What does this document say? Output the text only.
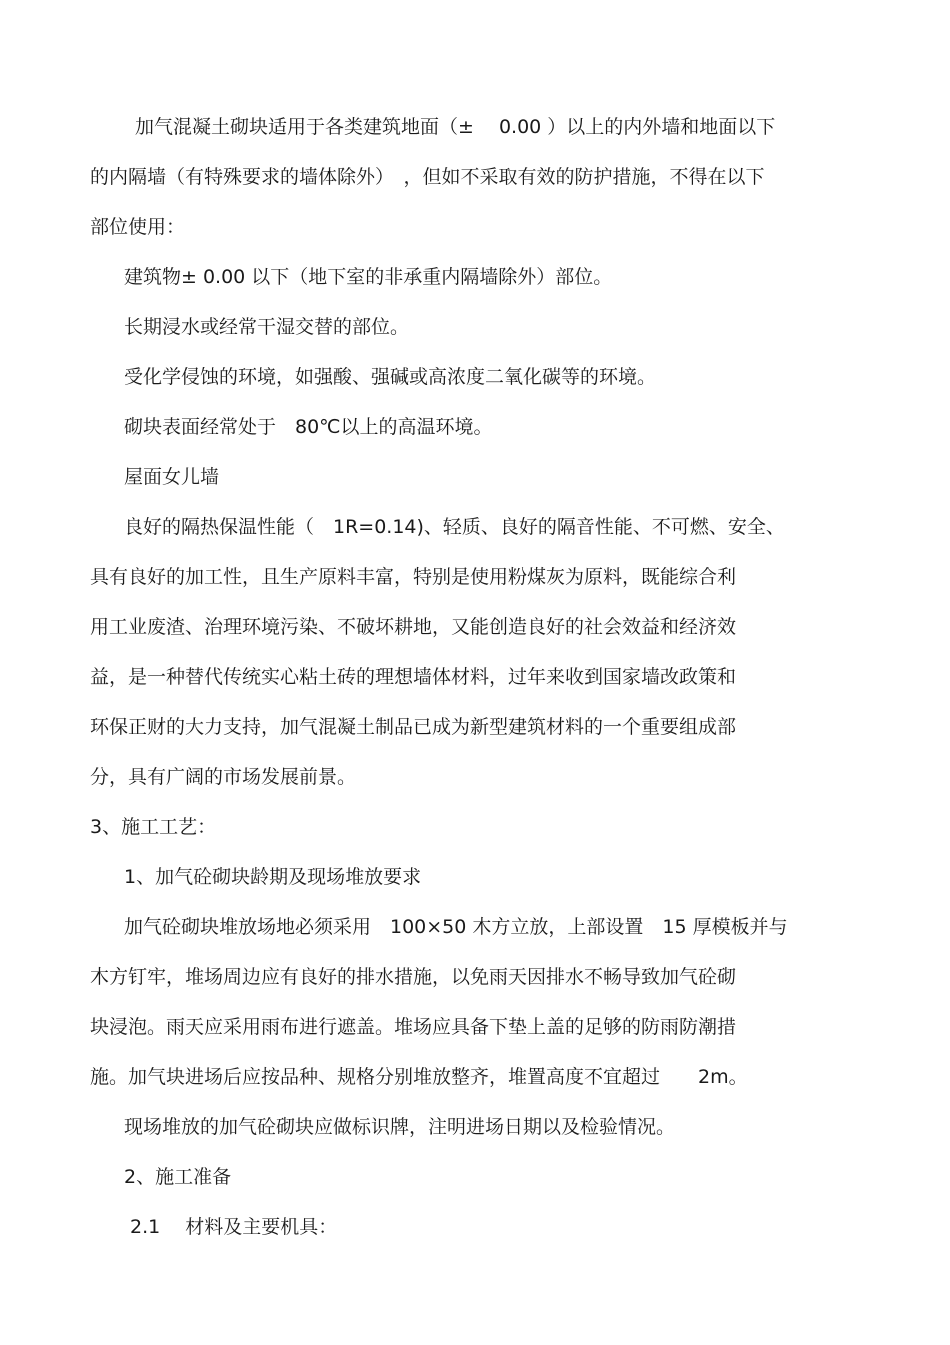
加气混凝土砌块适用于各类建筑地面（±　 0.00 ）以上的内外墙和地面以下
的内隔墙（有特殊要求的墙体除外）　，但如不采取有效的防护措施，不得在以下
部位使用：
建筑物± 0.00 以下（地下室的非承重内隔墙除外）部位。
长期浸水或经常干湿交替的部位。
受化学侵蚀的环境，如强酸、强碱或高浓度二氧化碳等的环境。
砌块表面经常处于　80℃以上的高温环境。
屋面女儿墙
良好的隔热保温性能（　1R=0.14)、轻质、良好的隔音性能、不可燃、安全、
具有良好的加工性，且生产原料丰富，特别是使用粉煤灰为原料，既能综合利
用工业废渣、治理环境污染、不破坏耕地，又能创造良好的社会效益和经济效
益，是一种替代传统实心粘土砖的理想墙体材料，过年来收到国家墙改政策和
环保正财的大力支持，加气混凝土制品已成为新型建筑材料的一个重要组成部
分，具有广阔的市场发展前景。
3、施工工艺：
1、加气砼砌块龄期及现场堆放要求
加气砼砌块堆放场地必须采用　100×50 木方立放，上部设置　15 厚模板并与
木方钉牢，堆场周边应有良好的排水措施，以免雨天因排水不畅导致加气砼砌
块浸泡。雨天应采用雨布进行遮盖。堆场应具备下垫上盖的足够的防雨防潮措
施。加气块进场后应按品种、规格分别堆放整齐，堆置高度不宜超过　　2m。
现场堆放的加气砼砌块应做标识牌，注明进场日期以及检验情况。
2、施工准备
2.1　 材料及主要机具：
